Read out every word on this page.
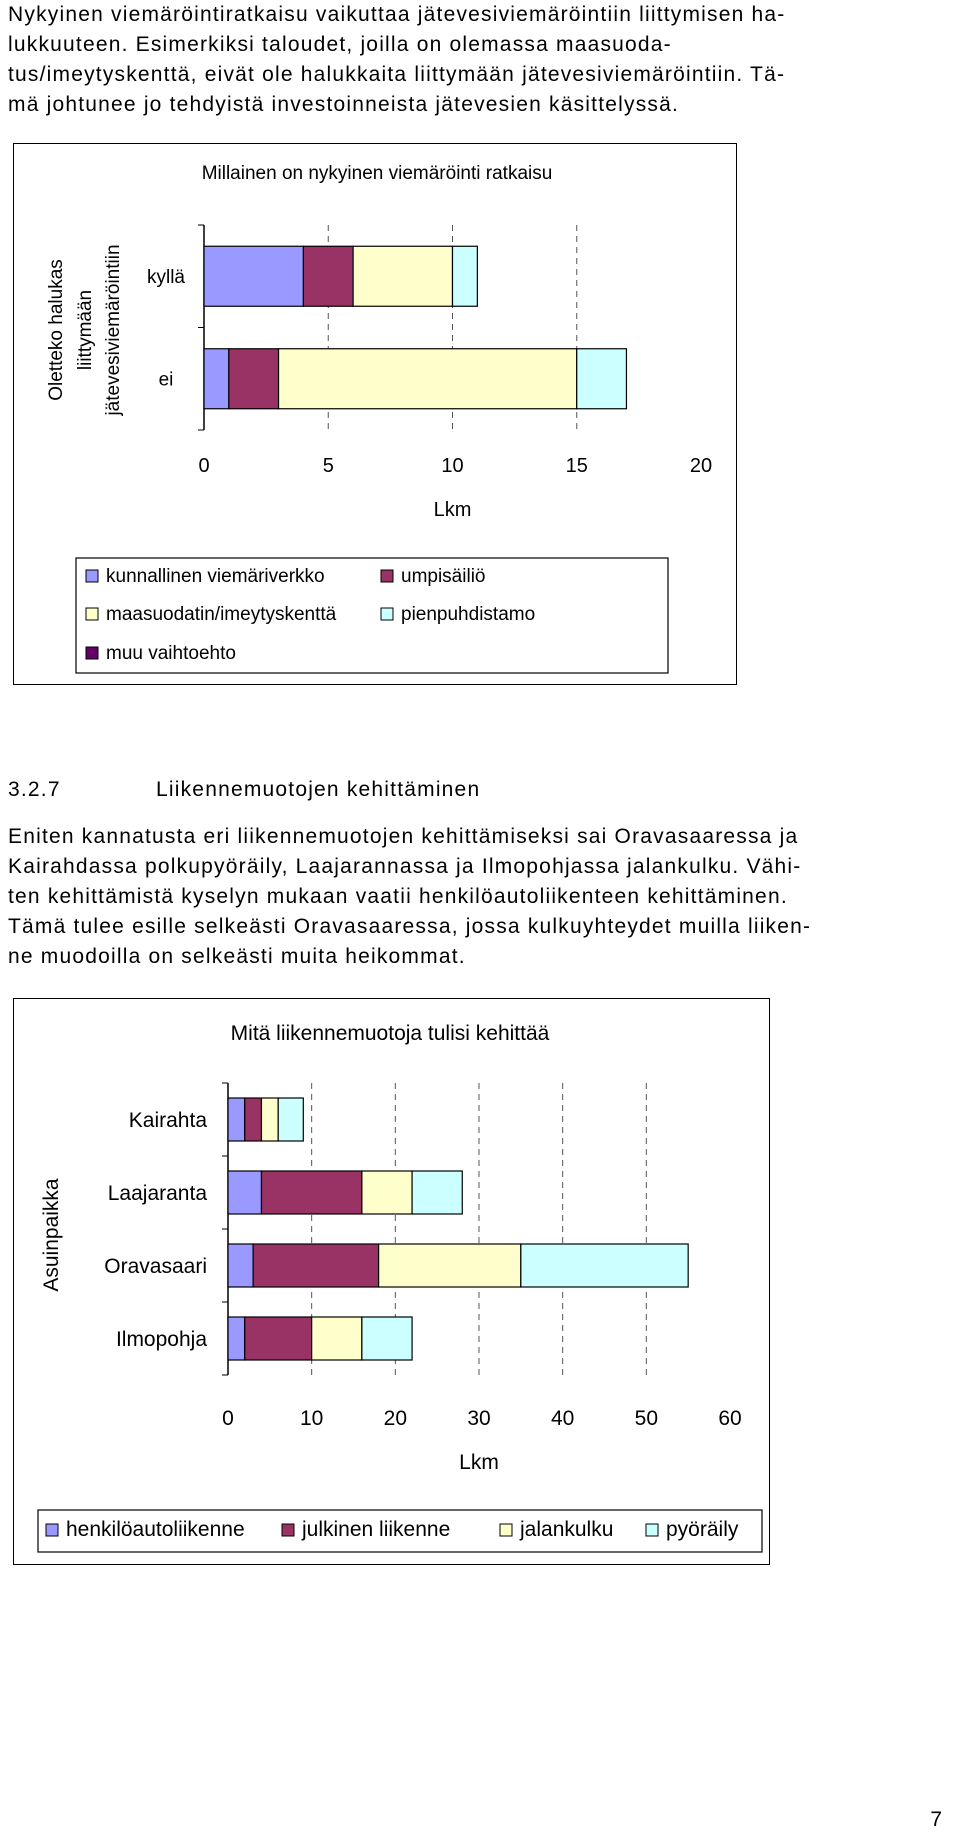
Nykyinen viemäröintiratkaisu vaikuttaa jätevesiviemäröintiin liittymisen ha-
lukkuuteen. Esimerkiksi taloudet, joilla on olemassa maasuoda-
tus/imeytyskenttä, eivät ole halukkaita liittymään jätevesiviemäröintiin. Tä-
mä johtunee jo tehdyistä investoinneista jätevesien käsittelyssä.
Millainen on nykyinen viemäröinti ratkaisu
kyllä
ei
0	5	10	15	20
Lkm
Oletteko halukas liittymään jätevesiviemäröintiin
kunnallinen viemäriverkko	umpisäiliö
maasuodatin/imeytyskenttä	pienpuhdistamo
muu vaihtoehto
3.2.7	Liikennemuotojen kehittäminen
Eniten kannatusta eri liikennemuotojen kehittämiseksi sai Oravasaaressa ja
Kairahdassa polkupyöräily, Laajarannassa ja Ilmopohjassa jalankulku. Vähi-
ten kehittämistä kyselyn mukaan vaatii henkilöautoliikenteen kehittäminen.
Tämä tulee esille selkeästi Oravasaaressa, jossa kulkuyhteydet muilla liiken-
ne muodoilla on selkeästi muita heikommat.
Mitä liikennemuotoja tulisi kehittää
Kairahta
Laajaranta
Oravasaari
Ilmopohja
0	10	20	30	40	50	60
Lkm
Asuinpaikka
henkilöautoliikenne	julkinen liikenne	jalankulku	pyöräily
7
